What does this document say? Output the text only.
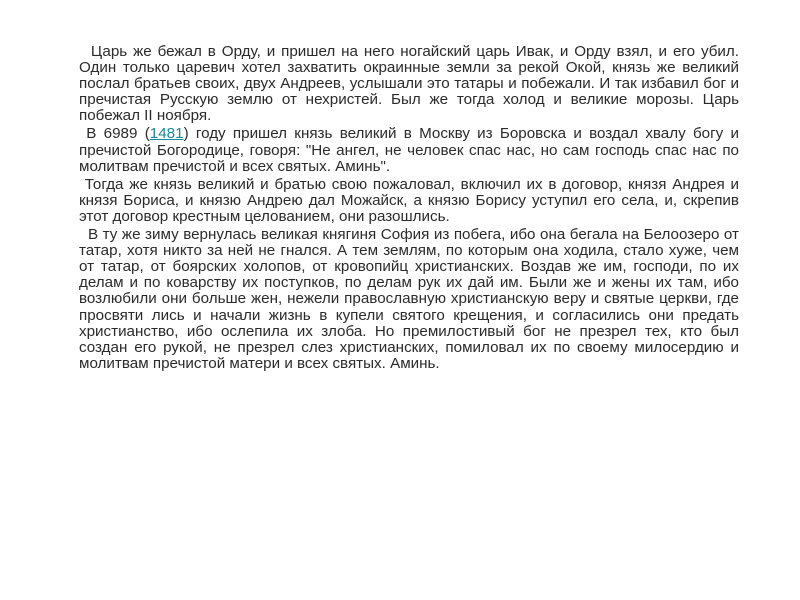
Царь же бежал в Орду, и пришел на него ногайский царь Ивак, и Орду взял, и его убил. Один только царевич хотел захватить окраинные земли за рекой Окой, князь же великий послал братьев своих, двух Андреев, услышали это татары и побежали. И так избавил бог и пречистая Русскую землю от нехристей. Был же тогда холод и великие морозы. Царь побежал II ноября.

В 6989 (1481) году пришел князь великий в Москву из Боровска и воздал хвалу богу и пречистой Богородице, говоря: "Не ангел, не человек спас нас, но сам господь спас нас по молитвам пречистой и всех святых. Аминь".

Тогда же князь великий и братью свою пожаловал, включил их в договор, князя Андрея и князя Бориса, и князю Андрею дал Можайск, а князю Борису уступил его села, и, скрепив этот договор крестным целованием, они разошлись.

В ту же зиму вернулась великая княгиня София из побега, ибо она бегала на Белоозеро от татар, хотя никто за ней не гнался. А тем землям, по которым она ходила, стало хуже, чем от татар, от боярских холопов, от кровопийц христианских. Воздав же им, господи, по их делам и по коварству их поступков, по делам рук их дай им. Были же и жены их там, ибо возлюбили они больше жен, нежели православную христианскую веру и святые церкви, где просвяти лись и начали жизнь в купели святого крещения, и согласились они предать христианство, ибо ослепила их злоба. Но премилостивый бог не презрел тех, кто был создан его рукой, не презрел слез христианских, помиловал их по своему милосердию и молитвам пречистой матери и всех святых. Аминь.
